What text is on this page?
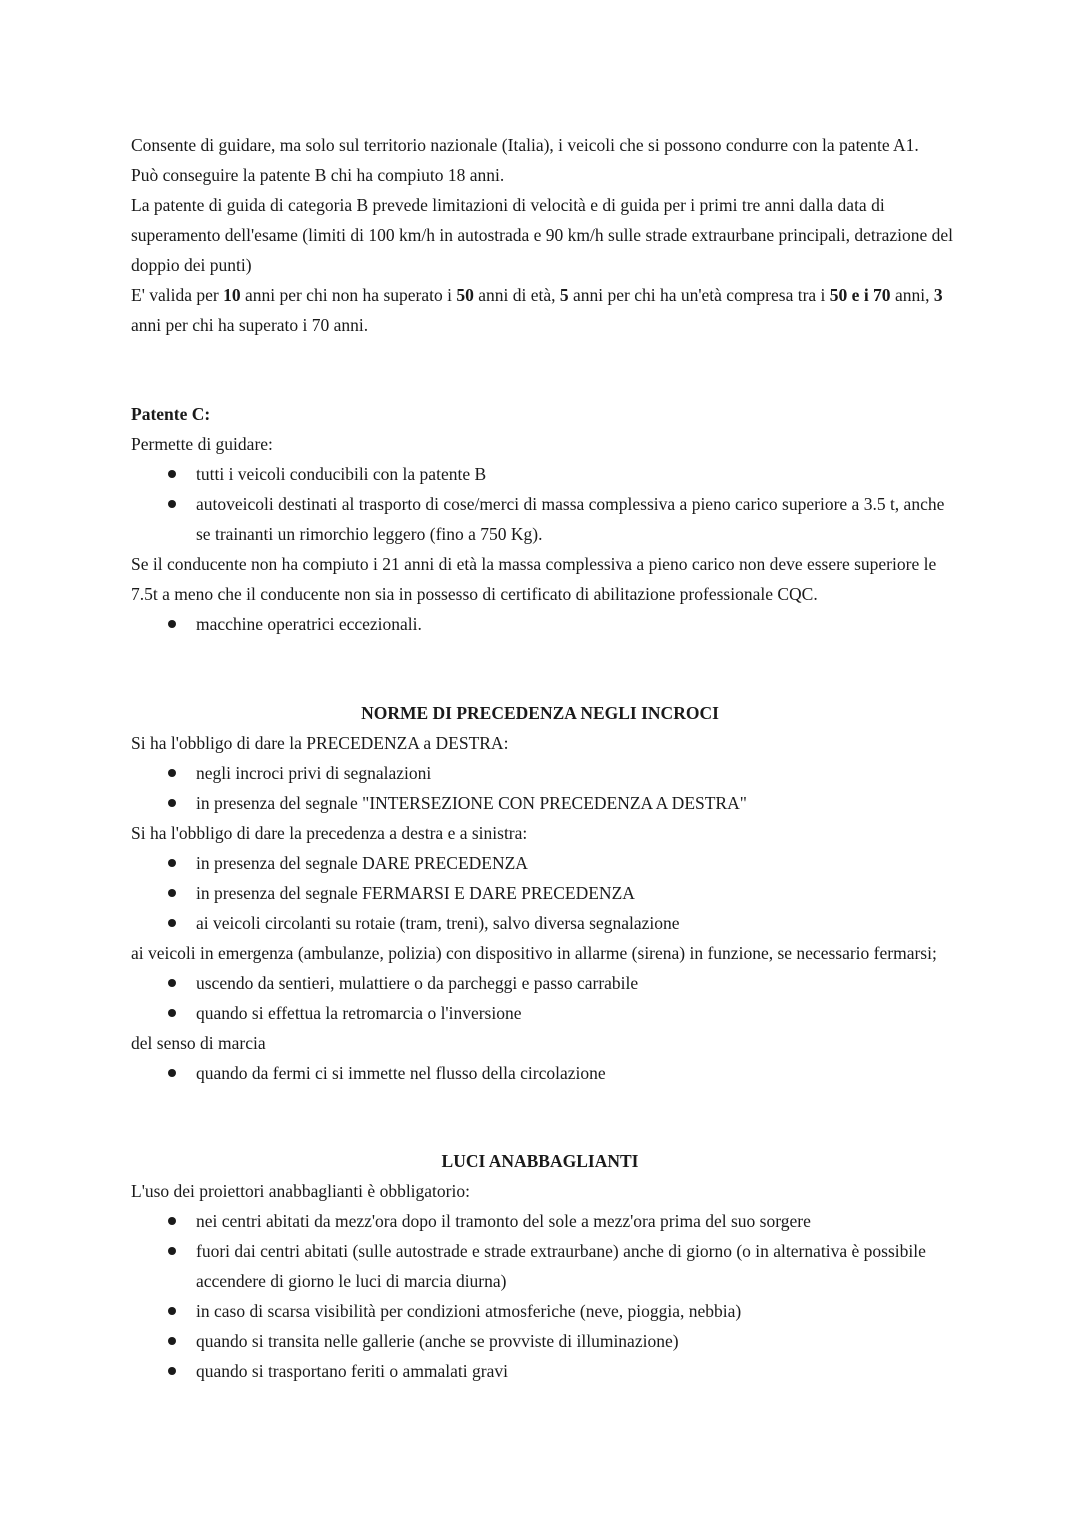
Consente di guidare, ma solo sul territorio nazionale (Italia), i veicoli che si possono condurre con la patente A1.

Può conseguire la patente B chi ha compiuto 18 anni.

La patente di guida di categoria B prevede limitazioni di velocità e di guida per i primi tre anni dalla data di superamento dell'esame (limiti di 100 km/h in autostrada e 90 km/h sulle strade extraurbane principali, detrazione del doppio dei punti)

E' valida per 10 anni per chi non ha superato i 50 anni di età, 5 anni per chi ha un'età compresa tra i 50 e i 70 anni, 3 anni per chi ha superato i 70 anni.

Patente C:

Permette di guidare:

tutti i veicoli conducibili con la patente B
autoveicoli destinati al trasporto di cose/merci di massa complessiva a pieno carico superiore a 3.5 t, anche se trainanti un rimorchio leggero (fino a 750 Kg).

Se il conducente non ha compiuto i 21 anni di età la massa complessiva a pieno carico non deve essere superiore le 7.5t a meno che il conducente non sia in possesso di certificato di abilitazione professionale CQC.

macchine operatrici eccezionali.
NORME DI PRECEDENZA NEGLI INCROCI

Si ha l'obbligo di dare la PRECEDENZA a DESTRA:

negli incroci privi di segnalazioni
in presenza del segnale "INTERSEZIONE CON PRECEDENZA A DESTRA"

Si ha l'obbligo di dare la precedenza a destra e a sinistra:

in presenza del segnale DARE PRECEDENZA
in presenza del segnale FERMARSI E DARE PRECEDENZA
ai veicoli circolanti su rotaie (tram, treni), salvo diversa segnalazione

ai veicoli in emergenza (ambulanze, polizia) con dispositivo in allarme (sirena) in funzione, se necessario fermarsi;

uscendo da sentieri, mulattiere o da parcheggi e passo carrabile
quando si effettua la retromarcia o l'inversione

del senso di marcia

quando da fermi ci si immette nel flusso della circolazione
LUCI ANABBAGLIANTI

L'uso dei proiettori anabbaglianti è obbligatorio:

nei centri abitati da mezz'ora dopo il tramonto del sole a mezz'ora prima del suo sorgere
fuori dai centri abitati (sulle autostrade e strade extraurbane) anche di giorno (o in alternativa è possibile accendere di giorno le luci di marcia diurna)
in caso di scarsa visibilità per condizioni atmosferiche (neve, pioggia, nebbia)
quando si transita nelle gallerie (anche se provviste di illuminazione)
quando si trasportano feriti o ammalati gravi
